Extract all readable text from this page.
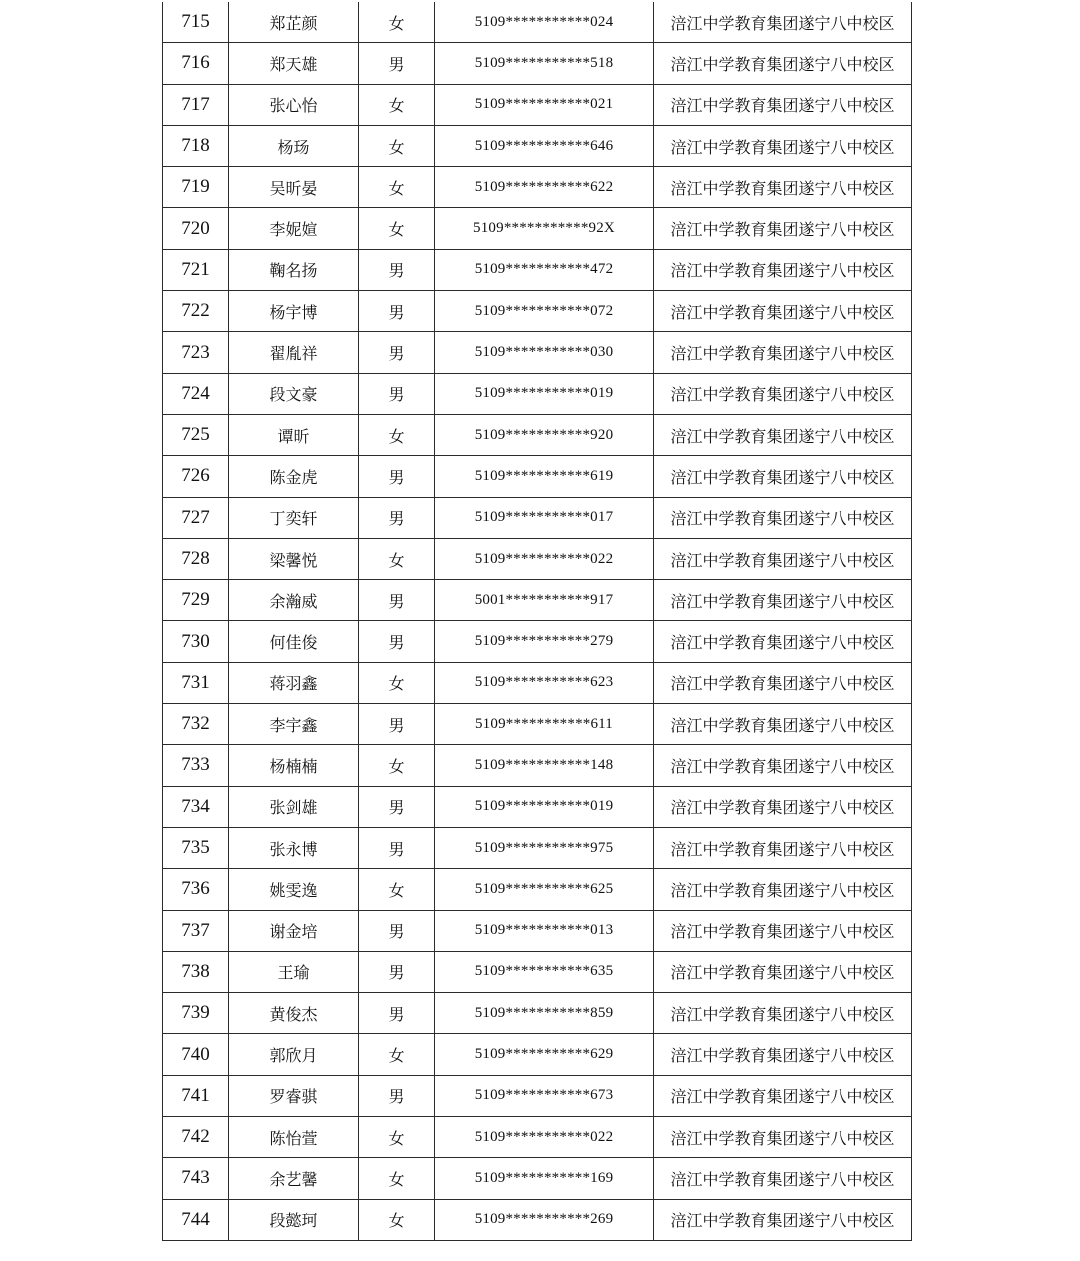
715	郑芷颜	女	5109***********024	涪江中学教育集团遂宁八中校区
716	郑天雄	男	5109***********518	涪江中学教育集团遂宁八中校区
717	张心怡	女	5109***********021	涪江中学教育集团遂宁八中校区
718	杨玚	女	5109***********646	涪江中学教育集团遂宁八中校区
719	吴昕晏	女	5109***********622	涪江中学教育集团遂宁八中校区
720	李妮媗	女	5109***********92X	涪江中学教育集团遂宁八中校区
721	鞠名扬	男	5109***********472	涪江中学教育集团遂宁八中校区
722	杨宇博	男	5109***********072	涪江中学教育集团遂宁八中校区
723	翟胤祥	男	5109***********030	涪江中学教育集团遂宁八中校区
724	段文豪	男	5109***********019	涪江中学教育集团遂宁八中校区
725	谭昕	女	5109***********920	涪江中学教育集团遂宁八中校区
726	陈金虎	男	5109***********619	涪江中学教育集团遂宁八中校区
727	丁奕轩	男	5109***********017	涪江中学教育集团遂宁八中校区
728	梁馨悦	女	5109***********022	涪江中学教育集团遂宁八中校区
729	余瀚威	男	5001***********917	涪江中学教育集团遂宁八中校区
730	何佳俊	男	5109***********279	涪江中学教育集团遂宁八中校区
731	蒋羽鑫	女	5109***********623	涪江中学教育集团遂宁八中校区
732	李宇鑫	男	5109***********611	涪江中学教育集团遂宁八中校区
733	杨楠楠	女	5109***********148	涪江中学教育集团遂宁八中校区
734	张剑雄	男	5109***********019	涪江中学教育集团遂宁八中校区
735	张永博	男	5109***********975	涪江中学教育集团遂宁八中校区
736	姚雯逸	女	5109***********625	涪江中学教育集团遂宁八中校区
737	谢金培	男	5109***********013	涪江中学教育集团遂宁八中校区
738	王瑜	男	5109***********635	涪江中学教育集团遂宁八中校区
739	黄俊杰	男	5109***********859	涪江中学教育集团遂宁八中校区
740	郭欣月	女	5109***********629	涪江中学教育集团遂宁八中校区
741	罗睿骐	男	5109***********673	涪江中学教育集团遂宁八中校区
742	陈怡萱	女	5109***********022	涪江中学教育集团遂宁八中校区
743	余艺馨	女	5109***********169	涪江中学教育集团遂宁八中校区
744	段懿珂	女	5109***********269	涪江中学教育集团遂宁八中校区
